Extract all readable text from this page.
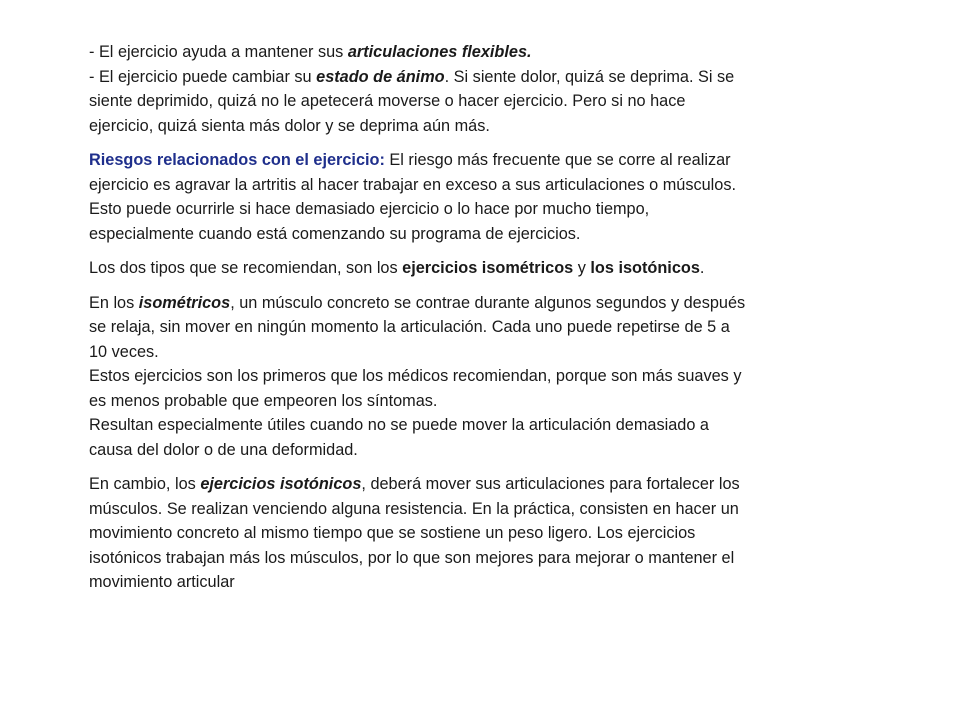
- El ejercicio ayuda a mantener sus articulaciones flexibles.
- El ejercicio puede cambiar su estado de ánimo. Si siente dolor, quizá se deprima. Si se
siente deprimido, quizá no le apetecerá moverse o hacer ejercicio. Pero si no hace
ejercicio, quizá sienta más dolor y se deprima aún más.

Riesgos relacionados con el ejercicio: El riesgo más frecuente que se corre al realizar
ejercicio es agravar la artritis al hacer trabajar en exceso a sus articulaciones o músculos.
Esto puede ocurrirle si hace demasiado ejercicio o lo hace por mucho tiempo,
especialmente cuando está comenzando su programa de ejercicios.

Los dos tipos que se recomiendan, son los ejercicios isométricos y los isotónicos.

En los isométricos, un músculo concreto se contrae durante algunos segundos y después
se relaja, sin mover en ningún momento la articulación. Cada uno puede repetirse de 5 a
10 veces.
Estos ejercicios son los primeros que los médicos recomiendan, porque son más suaves y
es menos probable que empeoren los síntomas.
Resultan especialmente útiles cuando no se puede mover la articulación demasiado a
causa del dolor o de una deformidad.

En cambio, los ejercicios isotónicos, deberá mover sus articulaciones para fortalecer los
músculos. Se realizan venciendo alguna resistencia. En la práctica, consisten en hacer un
movimiento concreto al mismo tiempo que se sostiene un peso ligero. Los ejercicios
isotónicos trabajan más los músculos, por lo que son mejores para mejorar o mantener el
movimiento articular
